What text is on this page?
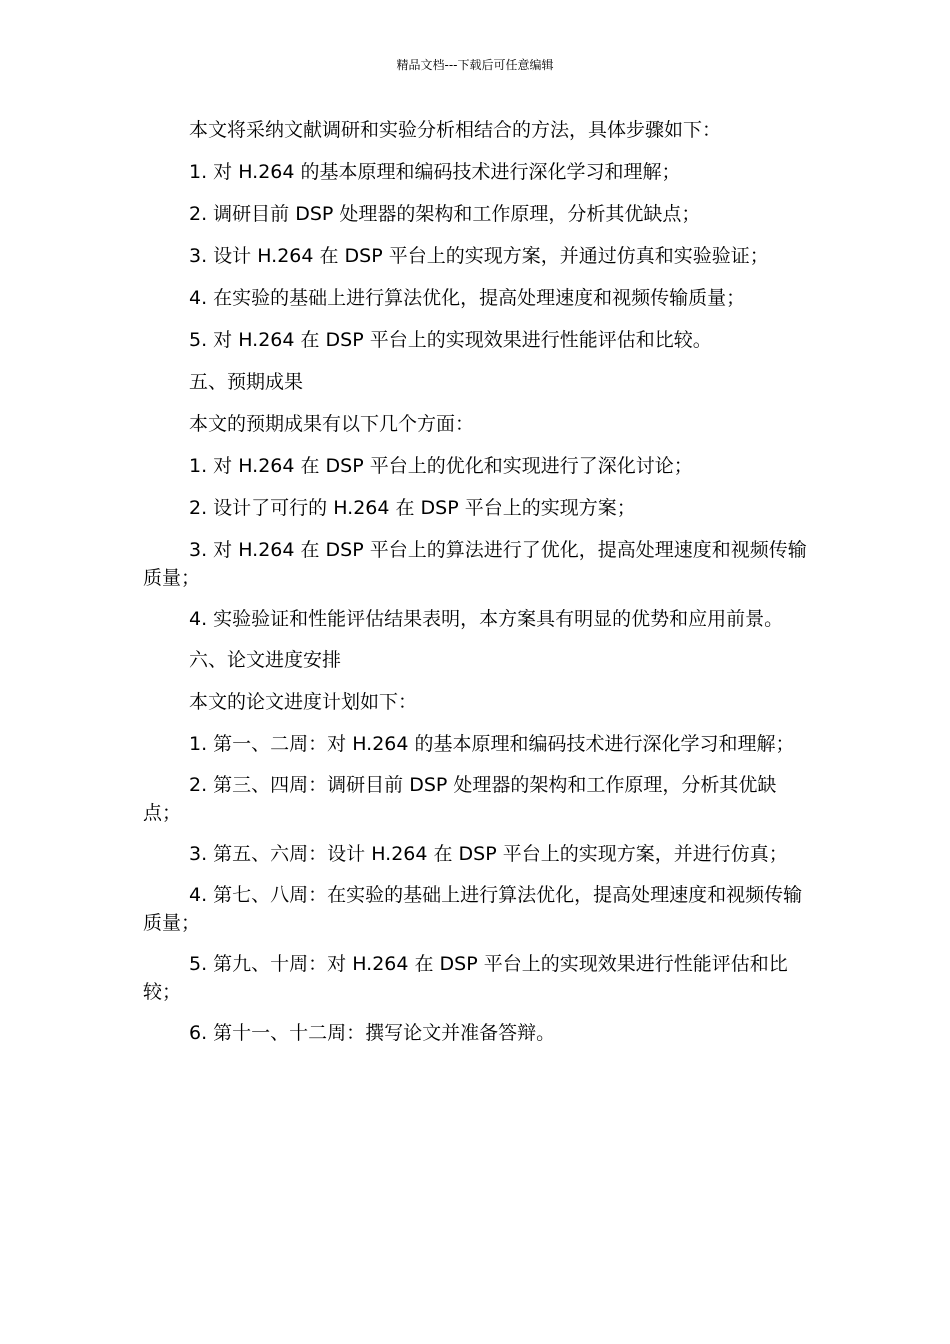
精品文档---下载后可任意编辑

本文将采纳文献调研和实验分析相结合的方法，具体步骤如下：

1. 对 H.264 的基本原理和编码技术进行深化学习和理解；

2. 调研目前 DSP 处理器的架构和工作原理，分析其优缺点；

3. 设计 H.264 在 DSP 平台上的实现方案，并通过仿真和实验验证；

4. 在实验的基础上进行算法优化，提高处理速度和视频传输质量；

5. 对 H.264 在 DSP 平台上的实现效果进行性能评估和比较。

五、预期成果

本文的预期成果有以下几个方面：

1. 对 H.264 在 DSP 平台上的优化和实现进行了深化讨论；

2. 设计了可行的 H.264 在 DSP 平台上的实现方案；

3. 对 H.264 在 DSP 平台上的算法进行了优化，提高处理速度和视频传输质量；

4. 实验验证和性能评估结果表明，本方案具有明显的优势和应用前景。

六、论文进度安排

本文的论文进度计划如下：

1. 第一、二周：对 H.264 的基本原理和编码技术进行深化学习和理解；

2. 第三、四周：调研目前 DSP 处理器的架构和工作原理，分析其优缺点；

3. 第五、六周：设计 H.264 在 DSP 平台上的实现方案，并进行仿真；

4. 第七、八周：在实验的基础上进行算法优化，提高处理速度和视频传输质量；

5. 第九、十周：对 H.264 在 DSP 平台上的实现效果进行性能评估和比较；

6. 第十一、十二周：撰写论文并准备答辩。
